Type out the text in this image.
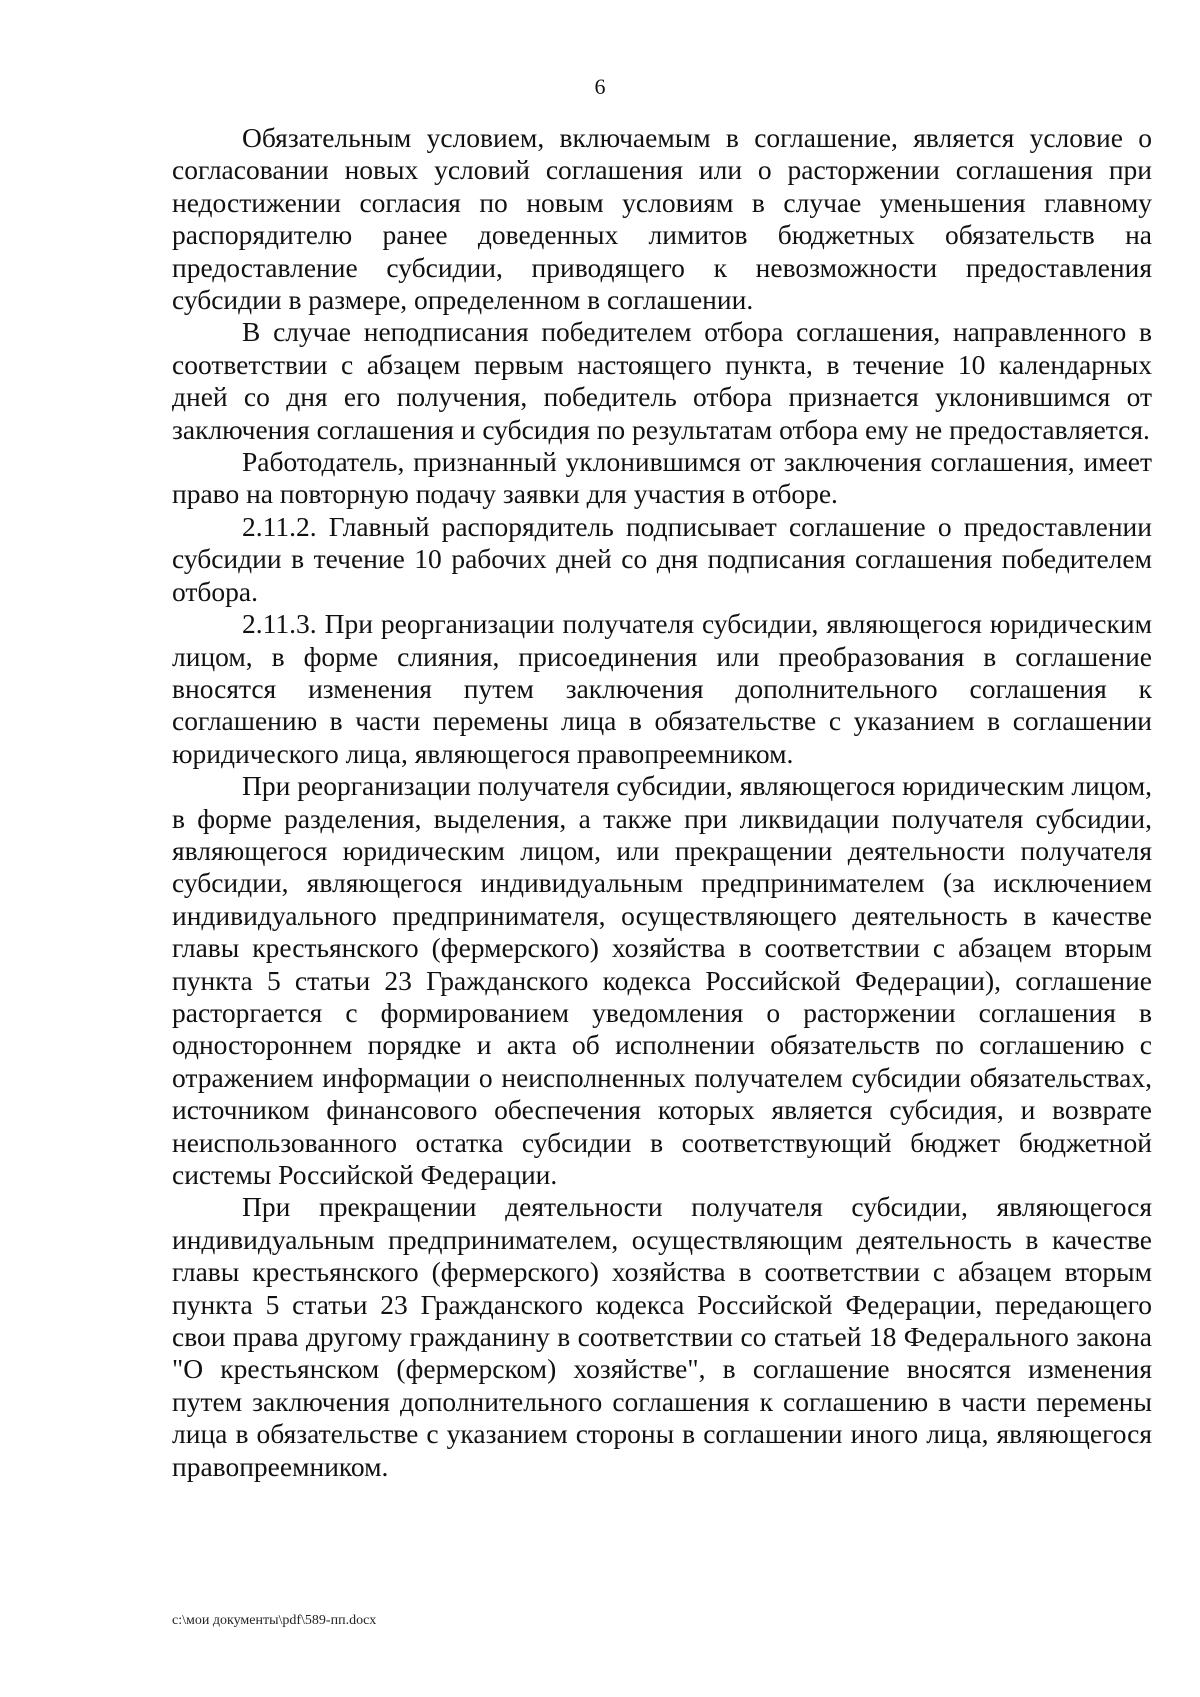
6

Обязательным условием, включаемым в соглашение, является условие о согласовании новых условий соглашения или о расторжении соглашения при недостижении согласия по новым условиям в случае уменьшения главному распорядителю ранее доведенных лимитов бюджетных обязательств на предоставление субсидии, приводящего к невозможности предоставления субсидии в размере, определенном в соглашении.

В случае неподписания победителем отбора соглашения, направленного в соответствии с абзацем первым настоящего пункта, в течение 10 календарных дней со дня его получения, победитель отбора признается уклонившимся от заключения соглашения и субсидия по результатам отбора ему не предоставляется.

Работодатель, признанный уклонившимся от заключения соглашения, имеет право на повторную подачу заявки для участия в отборе.

2.11.2. Главный распорядитель подписывает соглашение о предоставлении субсидии в течение 10 рабочих дней со дня подписания соглашения победителем отбора.

2.11.3. При реорганизации получателя субсидии, являющегося юридическим лицом, в форме слияния, присоединения или преобразования в соглашение вносятся изменения путем заключения дополнительного соглашения к соглашению в части перемены лица в обязательстве с указанием в соглашении юридического лица, являющегося правопреемником.

При реорганизации получателя субсидии, являющегося юридическим лицом, в форме разделения, выделения, а также при ликвидации получателя субсидии, являющегося юридическим лицом, или прекращении деятельности получателя субсидии, являющегося индивидуальным предпринимателем (за исключением индивидуального предпринимателя, осуществляющего деятельность в качестве главы крестьянского (фермерского) хозяйства в соответствии с абзацем вторым пункта 5 статьи 23 Гражданского кодекса Российской Федерации), соглашение расторгается с формированием уведомления о расторжении соглашения в одностороннем порядке и акта об исполнении обязательств по соглашению с отражением информации о неисполненных получателем субсидии обязательствах, источником финансового обеспечения которых является субсидия, и возврате неиспользованного остатка субсидии в соответствующий бюджет бюджетной системы Российской Федерации.

При прекращении деятельности получателя субсидии, являющегося индивидуальным предпринимателем, осуществляющим деятельность в качестве главы крестьянского (фермерского) хозяйства в соответствии с абзацем вторым пункта 5 статьи 23 Гражданского кодекса Российской Федерации, передающего свои права другому гражданину в соответствии со статьей 18 Федерального закона "О крестьянском (фермерском) хозяйстве", в соглашение вносятся изменения путем заключения дополнительного соглашения к соглашению в части перемены лица в обязательстве с указанием стороны в соглашении иного лица, являющегося правопреемником.

c:\мои документы\pdf\589-пп.docx
